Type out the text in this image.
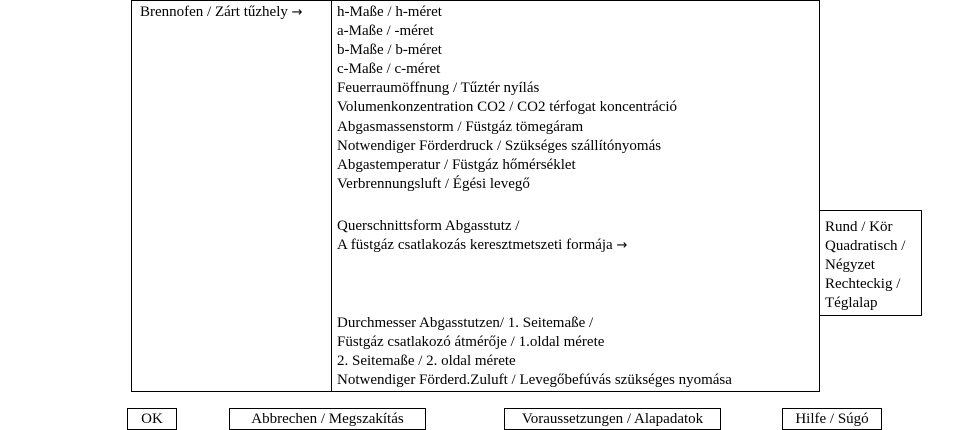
Brennofen / Zárt tűzhely → h-Maße / h-méret
a-Maße / -méret
b-Maße / b-méret
c-Maße / c-méret
Feuerraumöffnung / Tűztér nyílás
Volumenkonzentration CO2 / CO2 térfogat koncentráció
Abgasmassenstorm / Füstgáz tömegáram
Notwendiger Förderdruck / Szükséges szállítónyomás
Abgastemperatur / Füstgáz hőmérséklet
Verbrennungsluft / Égési levegő
Querschnittsform Abgasstutz /
A füstgáz csatlakozás keresztmetszeti formája →
Durchmesser Abgasstutzen/ 1. Seitemaße /
Füstgáz csatlakozó átmérője / 1.oldal mérete
2. Seitemaße / 2. oldal mérete
Notwendiger Förderd.Zuluft / Levegőbefúvás szükséges nyomása
Rund / Kör
Quadratisch /
Négyzet
Rechteckig /
Téglalap
OK	Abbrechen / Megszakítás	Voraussetzungen / Alapadatok	Hilfe / Súgó
